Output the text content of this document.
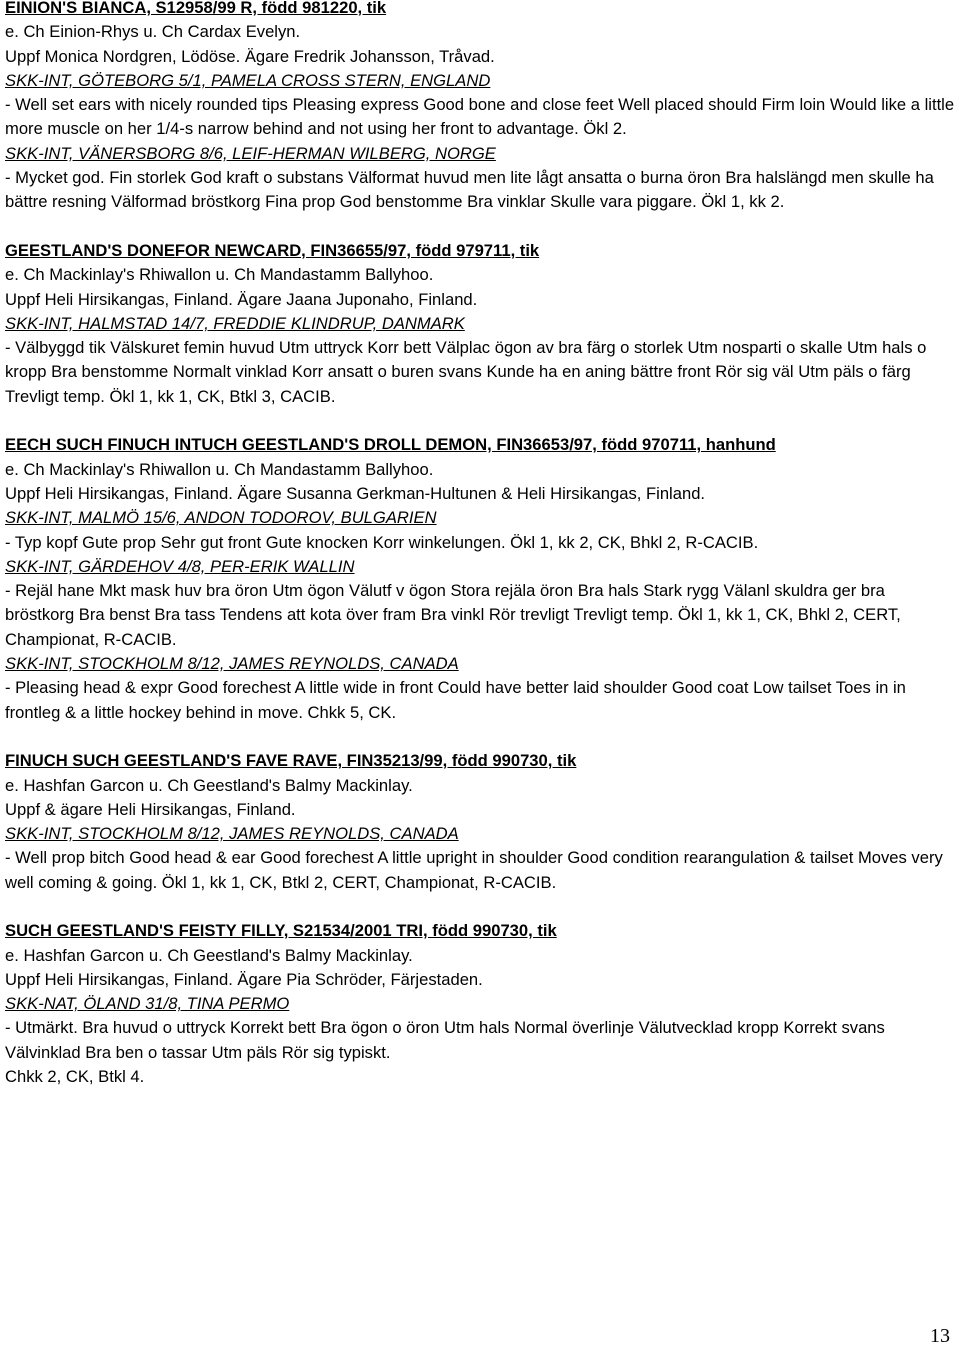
EINION'S BIANCA, S12958/99 R, född 981220, tik
e. Ch Einion-Rhys u. Ch Cardax Evelyn.
Uppf Monica Nordgren, Lödöse. Ägare Fredrik Johansson, Tråvad.
SKK-INT, GÖTEBORG 5/1, PAMELA CROSS STERN, ENGLAND
- Well set ears with nicely rounded tips Pleasing express Good bone and close feet Well placed should Firm loin Would like a little more muscle on her 1/4-s narrow behind and not using her front to advantage. Ökl 2.
SKK-INT, VÄNERSBORG 8/6, LEIF-HERMAN WILBERG, NORGE
- Mycket god. Fin storlek God kraft o substans Välformat huvud men lite lågt ansatta o burna öron Bra halslängd men skulle ha bättre resning Välformad bröstkorg Fina prop God benstomme Bra vinklar Skulle vara piggare. Ökl 1, kk 2.
GEESTLAND'S DONEFOR NEWCARD, FIN36655/97, född 979711, tik
e. Ch Mackinlay's Rhiwallon u. Ch Mandastamm Ballyhoo.
Uppf Heli Hirsikangas, Finland. Ägare Jaana Juponaho, Finland.
SKK-INT, HALMSTAD 14/7, FREDDIE KLINDRUP, DANMARK
- Välbyggd tik Välskuret femin huvud Utm uttryck Korr bett Välplac ögon av bra färg o storlek Utm nosparti o skalle Utm hals o kropp Bra benstomme Normalt vinklad Korr ansatt o buren svans Kunde ha en aning bättre front Rör sig väl Utm päls o färg Trevligt temp. Ökl 1, kk 1, CK, Btkl 3, CACIB.
EECH SUCH FINUCH INTUCH GEESTLAND'S DROLL DEMON, FIN36653/97, född 970711, hanhund
e. Ch Mackinlay's Rhiwallon u. Ch Mandastamm Ballyhoo.
Uppf Heli Hirsikangas, Finland. Ägare Susanna Gerkman-Hultunen & Heli Hirsikangas, Finland.
SKK-INT, MALMÖ 15/6, ANDON TODOROV, BULGARIEN
- Typ kopf Gute prop Sehr gut front Gute knocken Korr winkelungen. Ökl 1, kk 2, CK, Bhkl 2, R-CACIB.
SKK-INT, GÄRDEHOV 4/8, PER-ERIK WALLIN
- Rejäl hane Mkt mask huv bra öron Utm ögon Välutf v ögon Stora rejäla öron Bra hals Stark rygg Välanl skuldra ger bra bröstkorg Bra benst Bra tass Tendens att kota över fram Bra vinkl Rör trevligt Trevligt temp. Ökl 1, kk 1, CK, Bhkl 2, CERT, Championat, R-CACIB.
SKK-INT, STOCKHOLM 8/12, JAMES REYNOLDS, CANADA
- Pleasing head & expr Good forechest A little wide in front Could have better laid shoulder Good coat Low tailset Toes in in frontleg & a little hockey behind in move. Chkk 5, CK.
FINUCH SUCH GEESTLAND'S FAVE RAVE, FIN35213/99, född 990730, tik
e. Hashfan Garcon u. Ch Geestland's Balmy Mackinlay.
Uppf & ägare Heli Hirsikangas, Finland.
SKK-INT, STOCKHOLM 8/12, JAMES REYNOLDS, CANADA
- Well prop bitch Good head & ear Good forechest A little upright in shoulder Good condition rearangulation & tailset Moves very well coming & going. Ökl 1, kk 1, CK, Btkl 2, CERT, Championat, R-CACIB.
SUCH GEESTLAND'S FEISTY FILLY, S21534/2001 TRI, född 990730, tik
e. Hashfan Garcon u. Ch Geestland's Balmy Mackinlay.
Uppf Heli Hirsikangas, Finland. Ägare Pia Schröder, Färjestaden.
SKK-NAT, ÖLAND 31/8, TINA PERMO
- Utmärkt. Bra huvud o uttryck Korrekt bett Bra ögon o öron Utm hals Normal överlinje Välutvecklad kropp Korrekt svans Välvinklad Bra ben o tassar Utm päls Rör sig typiskt.
Chkk 2, CK, Btkl 4.
13
